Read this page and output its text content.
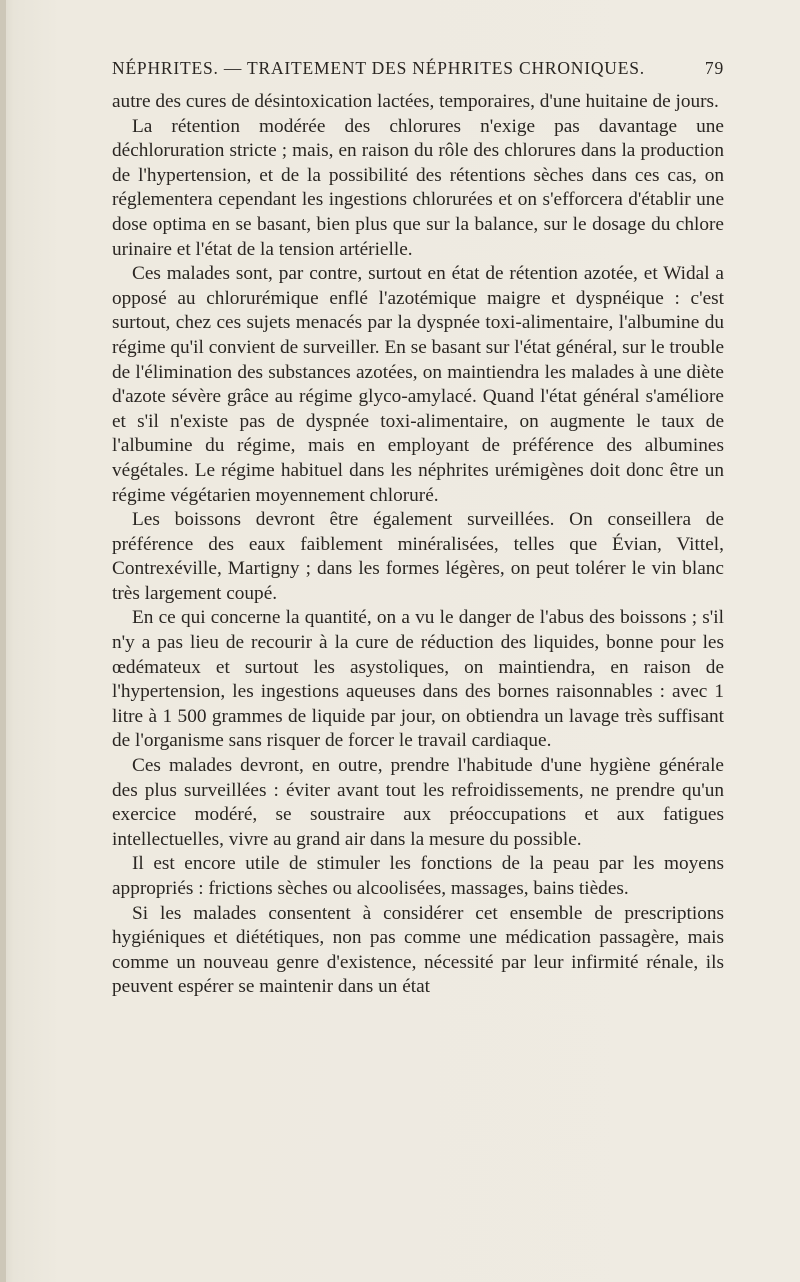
NÉPHRITES. — TRAITEMENT DES NÉPHRITES CHRONIQUES.	79

autre des cures de désintoxication lactées, temporaires, d'une huitaine de jours.

La rétention modérée des chlorures n'exige pas davantage une déchloruration stricte ; mais, en raison du rôle des chlorures dans la production de l'hypertension, et de la possibilité des rétentions sèches dans ces cas, on réglementera cependant les ingestions chlorurées et on s'efforcera d'établir une dose optima en se basant, bien plus que sur la balance, sur le dosage du chlore urinaire et l'état de la tension artérielle.

Ces malades sont, par contre, surtout en état de rétention azotée, et Widal a opposé au chlorurémique enflé l'azotémique maigre et dyspnéique : c'est surtout, chez ces sujets menacés par la dyspnée toxi-alimentaire, l'albumine du régime qu'il convient de surveiller. En se basant sur l'état général, sur le trouble de l'élimination des substances azotées, on maintiendra les malades à une diète d'azote sévère grâce au régime glyco-amylacé. Quand l'état général s'améliore et s'il n'existe pas de dyspnée toxi-alimentaire, on augmente le taux de l'albumine du régime, mais en employant de préférence des albumines végétales. Le régime habituel dans les néphrites urémigènes doit donc être un régime végétarien moyennement chloruré.

Les boissons devront être également surveillées. On conseillera de préférence des eaux faiblement minéralisées, telles que Évian, Vittel, Contrexéville, Martigny ; dans les formes légères, on peut tolérer le vin blanc très largement coupé.

En ce qui concerne la quantité, on a vu le danger de l'abus des boissons ; s'il n'y a pas lieu de recourir à la cure de réduction des liquides, bonne pour les œdémateux et surtout les asystoliques, on maintiendra, en raison de l'hypertension, les ingestions aqueuses dans des bornes raisonnables : avec 1 litre à 1 500 grammes de liquide par jour, on obtiendra un lavage très suffisant de l'organisme sans risquer de forcer le travail cardiaque.

Ces malades devront, en outre, prendre l'habitude d'une hygiène générale des plus surveillées : éviter avant tout les refroidissements, ne prendre qu'un exercice modéré, se soustraire aux préoccupations et aux fatigues intellectuelles, vivre au grand air dans la mesure du possible.

Il est encore utile de stimuler les fonctions de la peau par les moyens appropriés : frictions sèches ou alcoolisées, massages, bains tièdes.

Si les malades consentent à considérer cet ensemble de prescriptions hygiéniques et diététiques, non pas comme une médication passagère, mais comme un nouveau genre d'existence, nécessité par leur infirmité rénale, ils peuvent espérer se maintenir dans un état
